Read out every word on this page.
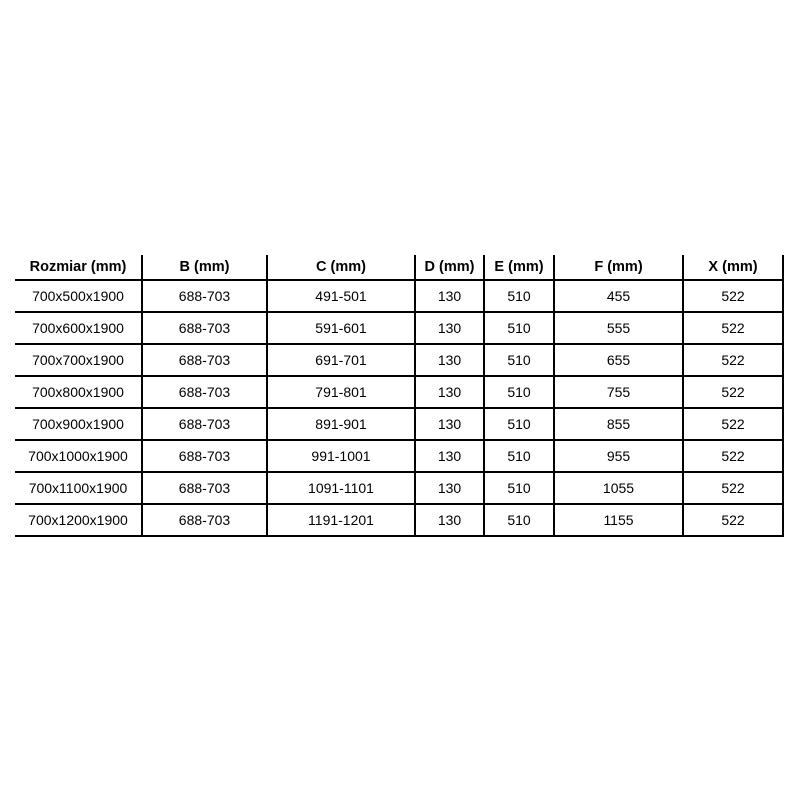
Rozmiar (mm)	B (mm)	C (mm)	D (mm)	E (mm)	F (mm)	X (mm)
700x500x1900	688-703	491-501	130	510	455	522
700x600x1900	688-703	591-601	130	510	555	522
700x700x1900	688-703	691-701	130	510	655	522
700x800x1900	688-703	791-801	130	510	755	522
700x900x1900	688-703	891-901	130	510	855	522
700x1000x1900	688-703	991-1001	130	510	955	522
700x1100x1900	688-703	1091-1101	130	510	1055	522
700x1200x1900	688-703	1191-1201	130	510	1155	522
